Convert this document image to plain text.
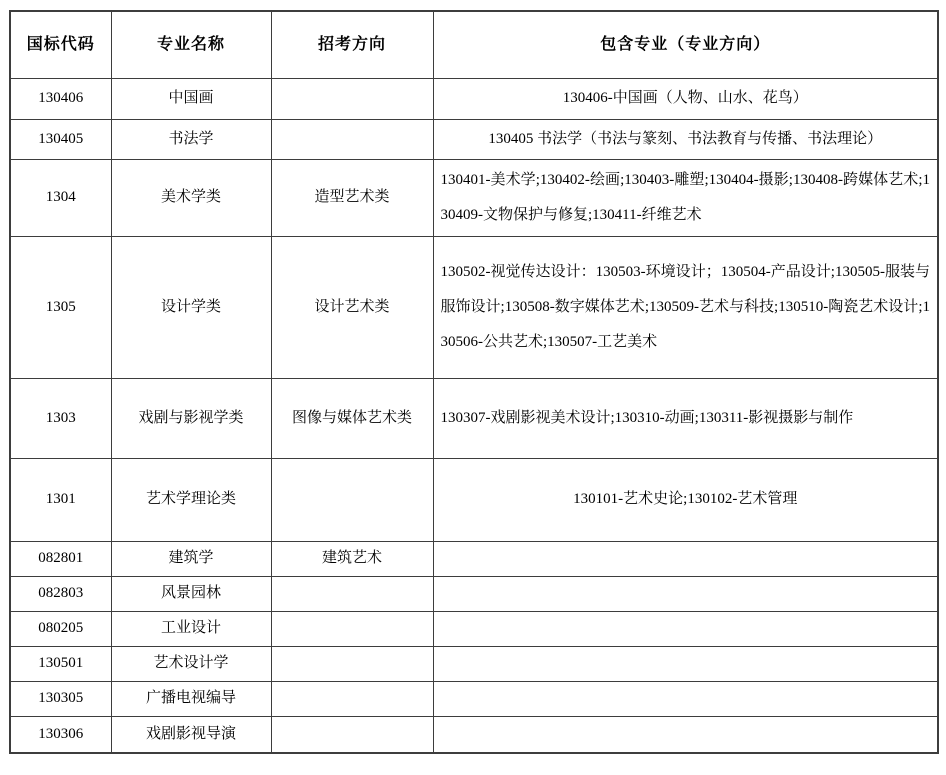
国标代码	专业名称	招考方向	包含专业（专业方向）
130406	中国画		130406-中国画（人物、山水、花鸟）
130405	书法学		130405 书法学（书法与篆刻、书法教育与传播、书法理论）
1304	美术学类	造型艺术类	130401-美术学;130402-绘画;130403-雕塑;130404-摄影;130408-跨媒体艺术;130409-文物保护与修复;130411-纤维艺术
1305	设计学类	设计艺术类	130502-视觉传达设计：130503-环境设计；130504-产品设计;130505-服装与服饰设计;130508-数字媒体艺术;130509-艺术与科技;130510-陶瓷艺术设计;130506-公共艺术;130507-工艺美术
1303	戏剧与影视学类	图像与媒体艺术类	130307-戏剧影视美术设计;130310-动画;130311-影视摄影与制作
1301	艺术学理论类		130101-艺术史论;130102-艺术管理
082801	建筑学	建筑艺术	
082803	风景园林		
080205	工业设计		
130501	艺术设计学		
130305	广播电视编导		
130306	戏剧影视导演		
